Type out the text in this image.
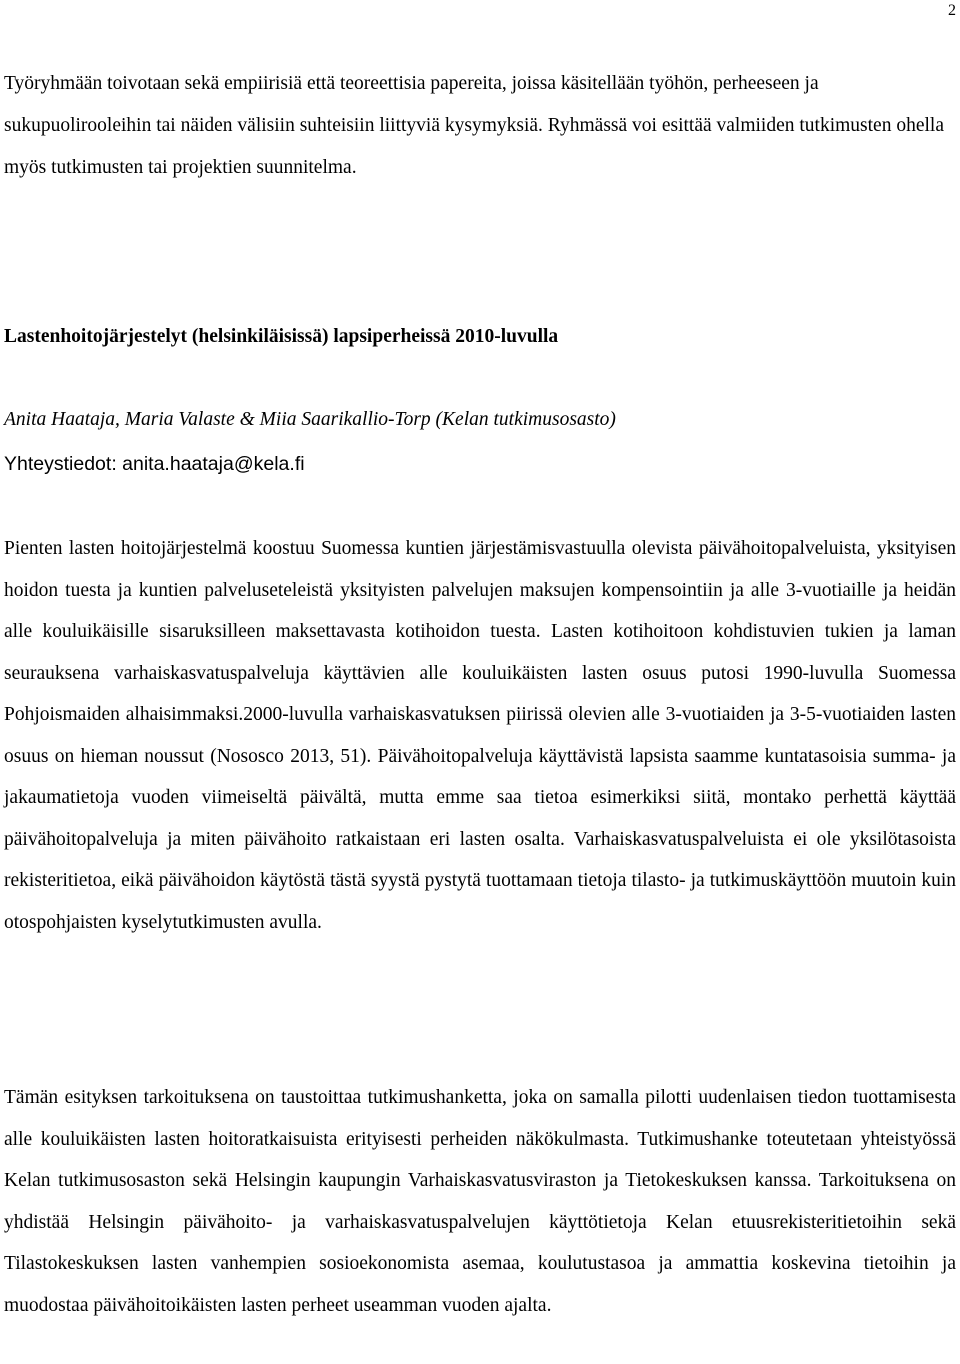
2

Työryhmään toivotaan sekä empiirisiä että teoreettisia papereita, joissa käsitellään työhön, perheeseen ja sukupuolirooleihin tai näiden välisiin suhteisiin liittyviä kysymyksiä. Ryhmässä voi esittää valmiiden tutkimusten ohella myös tutkimusten tai projektien suunnitelma.

Lastenhoitojärjestelyt (helsinkiläisissä) lapsiperheissä 2010-luvulla

Anita Haataja, Maria Valaste & Miia Saarikallio-Torp (Kelan tutkimusosasto)

Yhteystiedot: anita.haataja@kela.fi

Pienten lasten hoitojärjestelmä koostuu Suomessa kuntien järjestämisvastuulla olevista päivähoitopalveluista, yksityisen hoidon tuesta ja kuntien palveluseteleistä yksityisten palvelujen maksujen kompensointiin ja alle 3-vuotiaille ja heidän alle kouluikäisille sisaruksilleen maksettavasta kotihoidon tuesta. Lasten kotihoitoon kohdistuvien tukien ja laman seurauksena varhaiskasvatuspalveluja käyttävien alle kouluikäisten lasten osuus putosi 1990-luvulla Suomessa Pohjoismaiden alhaisimmaksi.2000-luvulla varhaiskasvatuksen piirissä olevien alle 3-vuotiaiden ja 3-5-vuotiaiden lasten osuus on hieman noussut (Nososco 2013, 51). Päivähoitopalveluja käyttävistä lapsista saamme kuntatasoisia summa- ja jakaumatietoja vuoden viimeiseltä päivältä, mutta emme saa tietoa esimerkiksi siitä, montako perhettä käyttää päivähoitopalveluja ja miten päivähoito ratkaistaan eri lasten osalta. Varhaiskasvatuspalveluista ei ole yksilötasoista rekisteritietoa, eikä päivähoidon käytöstä tästä syystä pystytä tuottamaan tietoja tilasto- ja tutkimuskäyttöön muutoin kuin otospohjaisten kyselytutkimusten avulla.

Tämän esityksen tarkoituksena on taustoittaa tutkimushanketta, joka on samalla pilotti uudenlaisen tiedon tuottamisesta alle kouluikäisten lasten hoitoratkaisuista erityisesti perheiden näkökulmasta. Tutkimushanke toteutetaan yhteistyössä Kelan tutkimusosaston sekä Helsingin kaupungin Varhaiskasvatusviraston ja Tietokeskuksen kanssa. Tarkoituksena on yhdistää Helsingin päivähoito- ja varhaiskasvatuspalvelujen käyttötietoja Kelan etuusrekisteritietoihin sekä Tilastokeskuksen lasten vanhempien sosioekonomista asemaa, koulutustasoa ja ammattia koskevina tietoihin ja muodostaa päivähoitoikäisten lasten perheet useamman vuoden ajalta.
